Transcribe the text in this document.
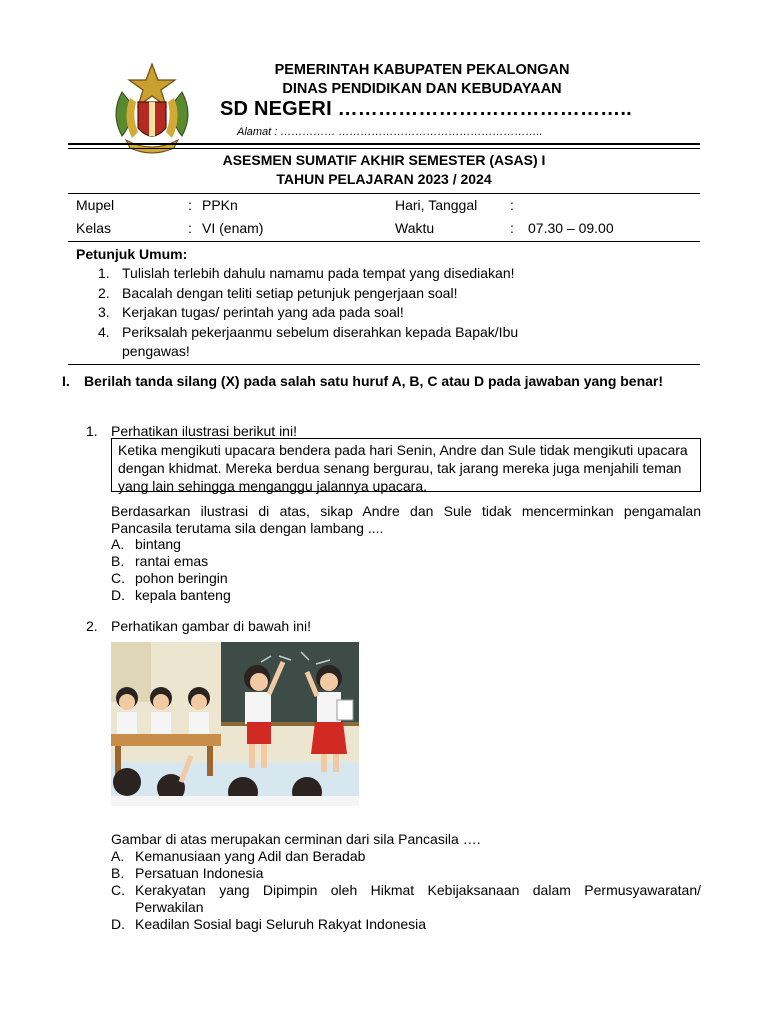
PEMERINTAH KABUPATEN PEKALONGAN
DINAS PENDIDIKAN DAN KEBUDAYAAN
SD NEGERI ……………………………………..
Alamat : …………… ………………………………………………..
ASESMEN SUMATIF AKHIR SEMESTER (ASAS) I
TAHUN PELAJARAN 2023 / 2024
Mupel	: PPKn	Hari, Tanggal :
Kelas	: VI (enam)	Waktu	: 07.30 – 09.00
Petunjuk Umum:
1. Tulislah terlebih dahulu namamu pada tempat yang disediakan!
2. Bacalah dengan teliti setiap petunjuk pengerjaan soal!
3. Kerjakan tugas/ perintah yang ada pada soal!
4. Periksalah pekerjaanmu sebelum diserahkan kepada Bapak/Ibu pengawas!
I.	Berilah tanda silang (X) pada salah satu huruf A, B, C atau D pada jawaban yang benar!
1. Perhatikan ilustrasi berikut ini!
Ketika mengikuti upacara bendera pada hari Senin, Andre dan Sule tidak mengikuti upacara dengan khidmat. Mereka berdua senang bergurau, tak jarang mereka juga menjahili teman yang lain sehingga menganggu jalannya upacara.
Berdasarkan ilustrasi di atas, sikap Andre dan Sule tidak mencerminkan pengamalan Pancasila terutama sila dengan lambang ....
A. bintang
B. rantai emas
C. pohon beringin
D. kepala banteng
2. Perhatikan gambar di bawah ini!
Gambar di atas merupakan cerminan dari sila Pancasila ….
A. Kemanusiaan yang Adil dan Beradab
B. Persatuan Indonesia
C. Kerakyatan yang Dipimpin oleh Hikmat Kebijaksanaan dalam Permusyawaratan/ Perwakilan
D. Keadilan Sosial bagi Seluruh Rakyat Indonesia
